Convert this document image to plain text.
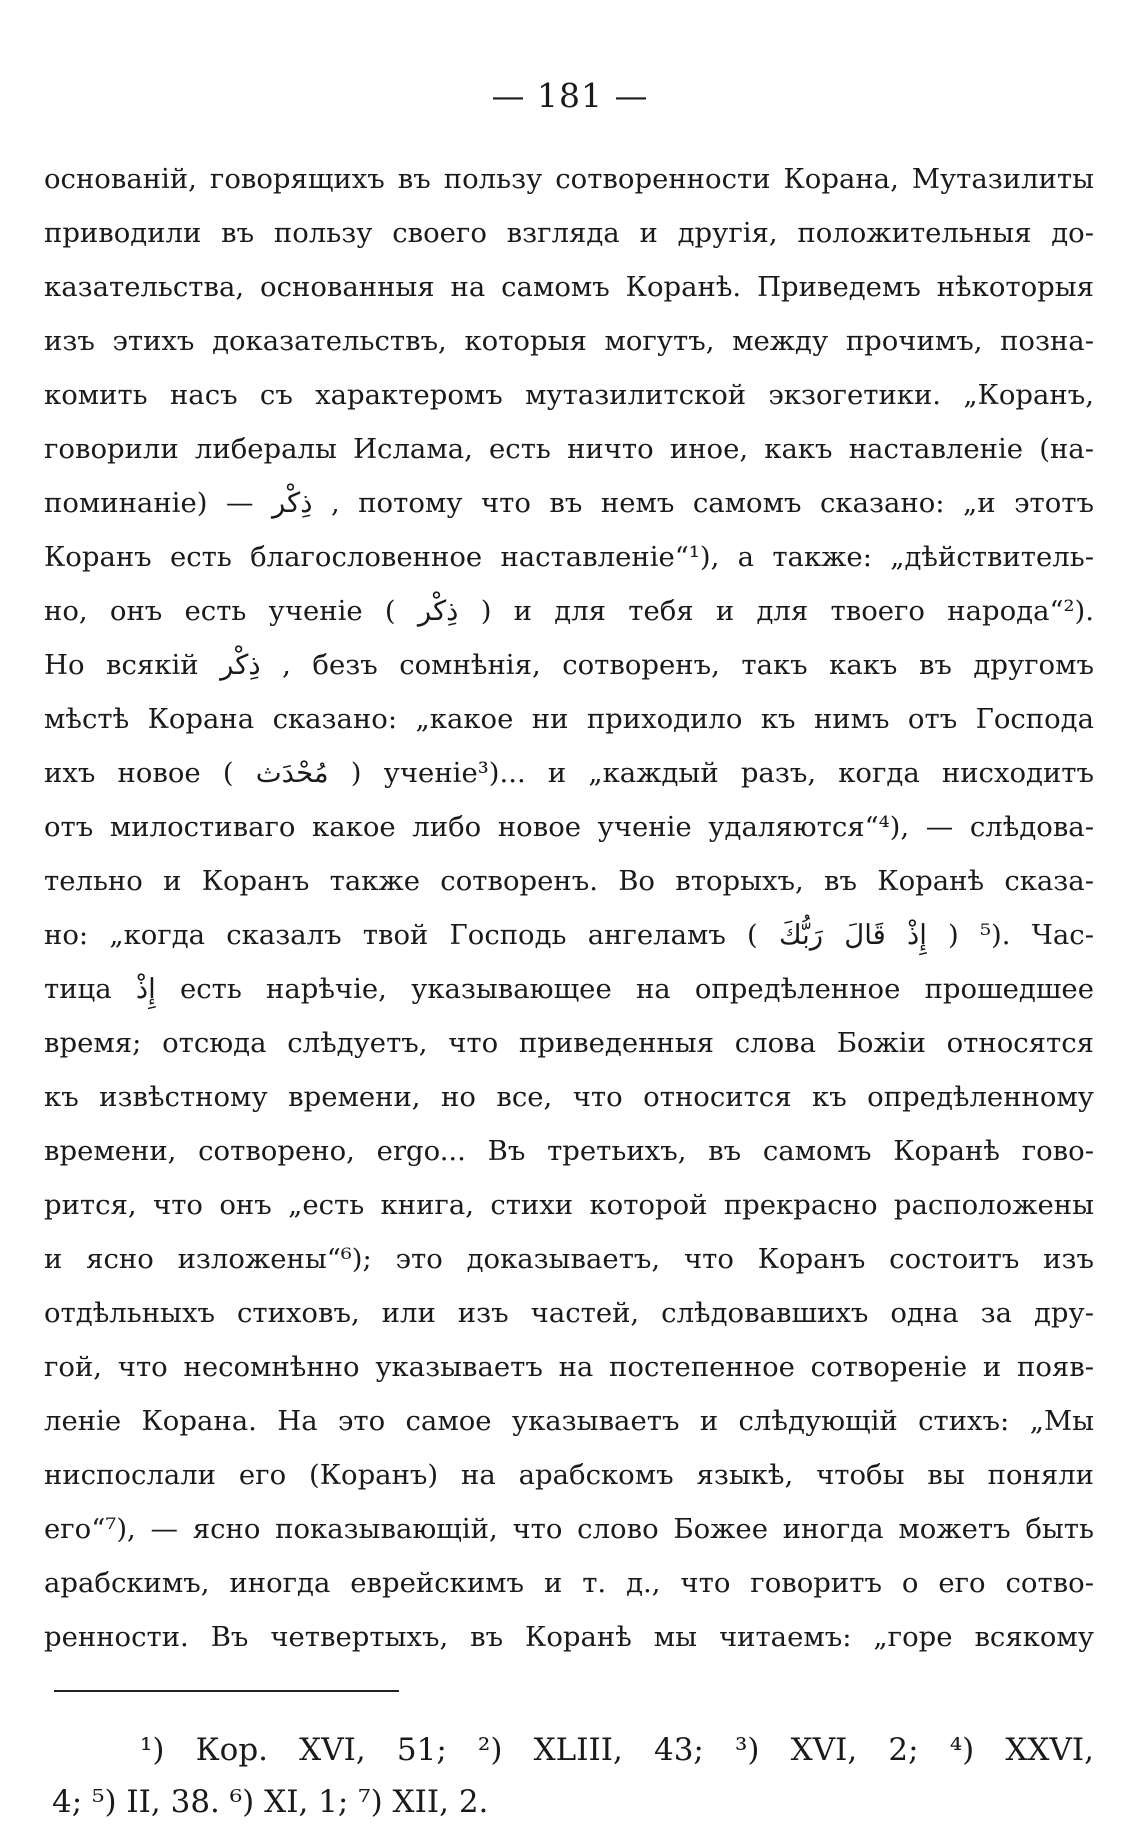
— 181 —
основаній, говорящихъ въ пользу сотворенности Корана, Мутазилиты
приводили въ пользу своего взгляда и другія, положительныя до-
казательства, основанныя на самомъ Коранѣ. Приведемъ нѣкоторыя
изъ этихъ доказательствъ, которыя могутъ, между прочимъ, позна-
комить насъ съ характеромъ мутазилитской экзогетики. „Коранъ,
говорили либералы Ислама, есть ничто иное, какъ наставленіе (на-
поминаніе) — ذِكْر , потому что въ немъ самомъ сказано: „и этотъ
Коранъ есть благословенное наставленіе“¹), а также: „дѣйствитель-
но, онъ есть ученіе ( ذِكْر ) и для тебя и для твоего народа“²).
Но всякій ذِكْر , безъ сомнѣнія, сотворенъ, такъ какъ въ другомъ
мѣстѣ Корана сказано: „какое ни приходило къ нимъ отъ Господа
ихъ новое ( مُحْدَث ) ученіе³)... и „каждый разъ, когда нисходитъ
отъ милостиваго какое либо новое ученіе удаляются“⁴), — слѣдова-
тельно и Коранъ также сотворенъ. Во вторыхъ, въ Коранѣ сказа-
но: „когда сказалъ твой Господь ангеламъ ( إِذْ قَالَ رَبُّكَ ) ⁵). Час-
тица إِذْ есть нарѣчіе, указывающее на опредѣленное прошедшее
время; отсюда слѣдуетъ, что приведенныя слова Божіи относятся
къ извѣстному времени, но все, что относится къ опредѣленному
времени, сотворено, ergo... Въ третьихъ, въ самомъ Коранѣ гово-
рится, что онъ „есть книга, стихи которой прекрасно расположены
и ясно изложены“⁶); это доказываетъ, что Коранъ состоитъ изъ
отдѣльныхъ стиховъ, или изъ частей, слѣдовавшихъ одна за дру-
гой, что несомнѣнно указываетъ на постепенное сотвореніе и появ-
леніе Корана. На это самое указываетъ и слѣдующій стихъ: „Мы
ниспослали его (Коранъ) на арабскомъ языкѣ, чтобы вы поняли
его“⁷), — ясно показывающій, что слово Божее иногда можетъ быть
арабскимъ, иногда еврейскимъ и т. д., что говоритъ о его сотво-
ренности. Въ четвертыхъ, въ Коранѣ мы читаемъ: „горе всякому
¹) Кор. XVI, 51; ²) XLIII, 43; ³) XVI, 2; ⁴) XXVI,
4; ⁵) II, 38. ⁶) XI, 1; ⁷) XII, 2.
